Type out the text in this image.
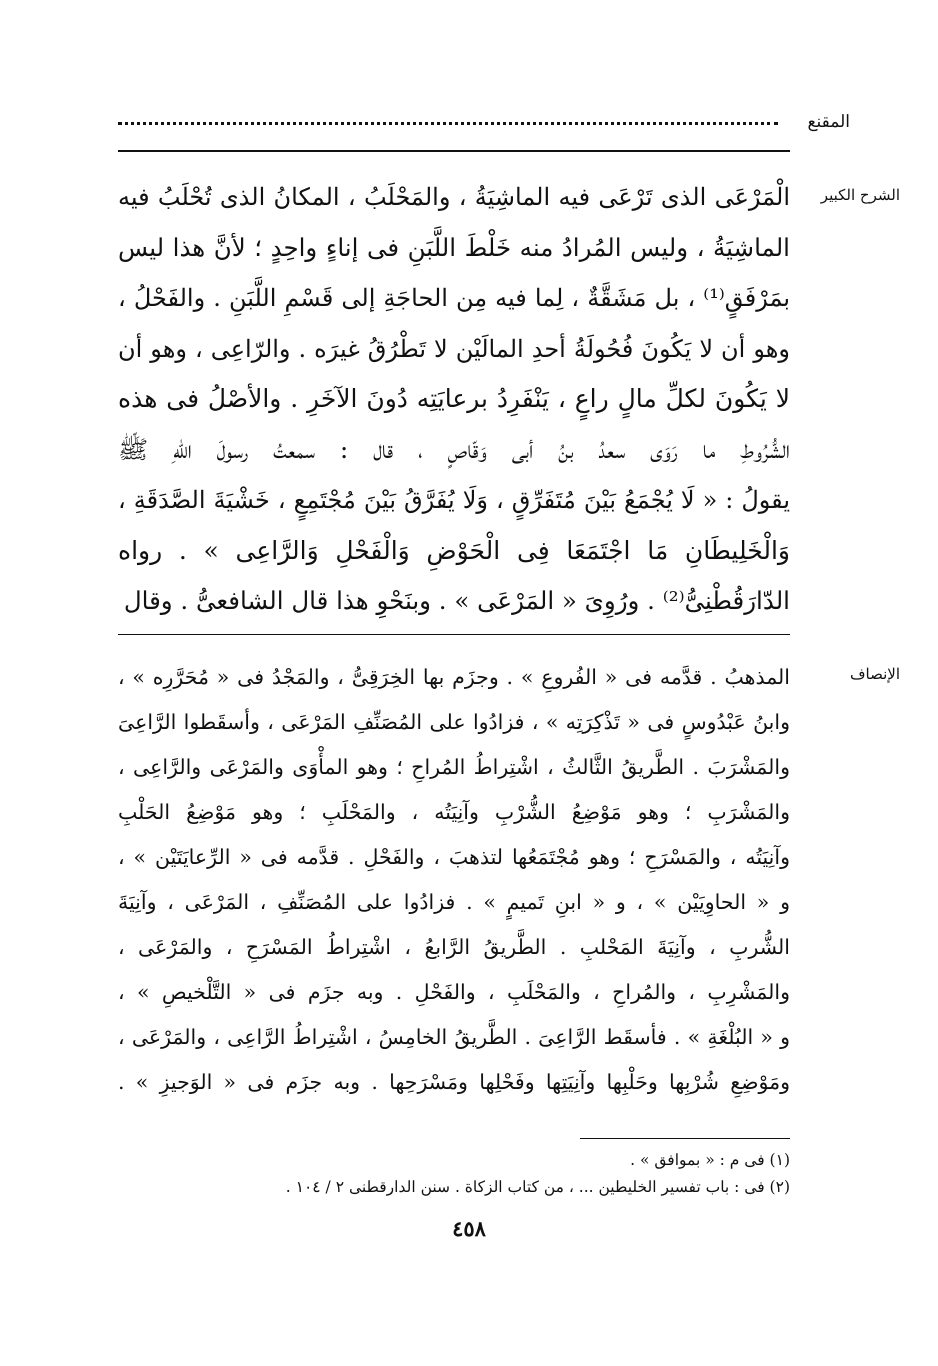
المقنع
الشرح الكبير
الْمَرْعَى الذى تَرْعَى فيه الماشِيَةُ ، والمَحْلَبُ ، المكانُ الذى تُحْلَبُ فيه
الماشِيَةُ ، وليس المُرادُ منه خَلْطَ اللَّبَنِ فى إناءٍ واحِدٍ ؛ لأنَّ هذا ليس
بمَرْفَقٍ⁽¹⁾ ، بل مَشَقَّةٌ ، لِما فيه مِن الحاجَةِ إلى قَسْمِ اللَّبَنِ . والفَحْلُ ،
وهو أن لا يَكُونَ فُحُولَةُ أحدِ المالَيْن لا تَطْرُقُ غيرَه . والرّاعِى ، وهو أن
لا يَكُونَ لكلِّ مالٍ راعٍ ، يَنْفَرِدُ برعايَتِه دُونَ الآخَرِ . والأصْلُ فى هذه
الشُّرُوطِ ما رَوَى سعدُ بنُ أبى وَقّاصٍ ، قال : سمعتُ رسولَ اللهِ ﷺ
يقولُ : « لَا يُجْمَعُ بَيْنَ مُتَفَرِّقٍ ، وَلَا يُفَرَّقُ بَيْنَ مُجْتَمِعٍ ، خَشْيَةَ الصَّدَقَةِ ،
وَالْخَلِيطَانِ مَا اجْتَمَعَا فِى الْحَوْضِ وَالْفَحْلِ وَالرَّاعِى » . رواه
الدّارَقُطْنِىُّ⁽²⁾ . ورُوِىَ « المَرْعَى » . وبنَحْوِ هذا قال الشافعىُّ . وقال
الإنصاف
المذهبُ . قدَّمه فى « الفُروعِ » . وجزَم بها الخِرَقِىُّ ، والمَجْدُ فى « مُحَرَّرِه » ،
وابنُ عَبْدُوسٍ فى « تَذْكِرَتِه » ، فزادُوا على المُصَنِّفِ المَرْعَى ، وأسقَطوا الرَّاعِىَ
والمَشْرَبَ . الطَّريقُ الثَّالثُ ، اشْتِراطُ المُراحِ ؛ وهو المأْوَى والمَرْعَى والرَّاعِى ،
والمَشْرَبِ ؛ وهو مَوْضِعُ الشُّرْبِ وآنِيَتُه ، والمَحْلَبِ ؛ وهو مَوْضِعُ الحَلْبِ
وآنِيَتُه ، والمَسْرَحِ ؛ وهو مُجْتَمَعُها لتذهبَ ، والفَحْلِ . قدَّمه فى « الرِّعايَتَيْن » ،
و « الحاوِيَيْن » ، و « ابنِ تَميمٍ » . فزادُوا على المُصَنِّفِ ، المَرْعَى ، وآنِيَةَ
الشُّربِ ، وآنِيَةَ المَحْلبِ . الطَّريقُ الرَّابعُ ، اشْتِراطُ المَسْرَحِ ، والمَرْعَى ،
والمَشْرِبِ ، والمُراحِ ، والمَحْلَبِ ، والفَحْلِ . وبه جزَم فى « التَّلْخيصِ » ،
و « البُلْغَةِ » . فأسقَط الرَّاعِىَ . الطَّريقُ الخامِسُ ، اشْتِراطُ الرَّاعِى ، والمَرْعَى ،
ومَوْضِعِ شُرْبِها وحَلْبِها وآنِيَتِها وفَحْلِها ومَسْرَحِها . وبه جزَم فى « الوَجيزِ » .
(١) فى م : « بموافق » .
(٢) فى : باب تفسير الخليطين ... ، من كتاب الزكاة . سنن الدارقطنى ٢ / ١٠٤ .
٤٥٨
